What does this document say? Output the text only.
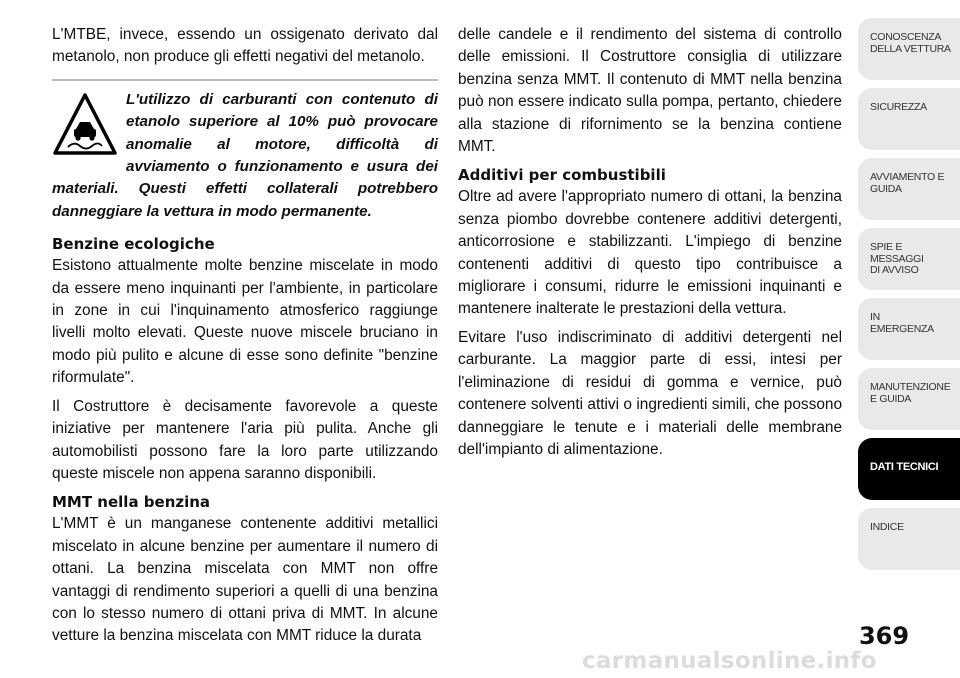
L'MTBE, invece, essendo un ossigenato derivato dal metanolo, non produce gli effetti negativi del metanolo.

L'utilizzo di carburanti con contenuto di etanolo superiore al 10% può provocare anomalie al motore, difficoltà di avviamento o funzionamento e usura dei materiali. Questi effetti collaterali potrebbero danneggiare la vettura in modo permanente.
Benzine ecologiche

Esistono attualmente molte benzine miscelate in modo da essere meno inquinanti per l'ambiente, in particolare in zone in cui l'inquinamento atmosferico raggiunge livelli molto elevati. Queste nuove miscele bruciano in modo più pulito e alcune di esse sono definite "benzine riformulate".

Il Costruttore è decisamente favorevole a queste iniziative per mantenere l'aria più pulita. Anche gli automobilisti possono fare la loro parte utilizzando queste miscele non appena saranno disponibili.

MMT nella benzina

L'MMT è un manganese contenente additivi metallici miscelato in alcune benzine per aumentare il numero di ottani. La benzina miscelata con MMT non offre vantaggi di rendimento superiori a quelli di una benzina con lo stesso numero di ottani priva di MMT. In alcune vetture la benzina miscelata con MMT riduce la durata

delle candele e il rendimento del sistema di controllo delle emissioni. Il Costruttore consiglia di utilizzare benzina senza MMT. Il contenuto di MMT nella benzina può non essere indicato sulla pompa, pertanto, chiedere alla stazione di rifornimento se la benzina contiene MMT.

Additivi per combustibili

Oltre ad avere l'appropriato numero di ottani, la benzina senza piombo dovrebbe contenere additivi detergenti, anticorrosione e stabilizzanti. L'impiego di benzine contenenti additivi di questo tipo contribuisce a migliorare i consumi, ridurre le emissioni inquinanti e mantenere inalterate le prestazioni della vettura.

Evitare l'uso indiscriminato di additivi detergenti nel carburante. La maggior parte di essi, intesi per l'eliminazione di residui di gomma e vernice, può contenere solventi attivi o ingredienti simili, che possono danneggiare le tenute e i materiali delle membrane dell'impianto di alimentazione.

CONOSCENZA
DELLA VETTURA
SICUREZZA
AVVIAMENTO E
GUIDA
SPIE E
MESSAGGI
DI AVVISO
IN
EMERGENZA
MANUTENZIONE
E GUIDA
DATI TECNICI
INDICE
369
carmanualsonline.info
